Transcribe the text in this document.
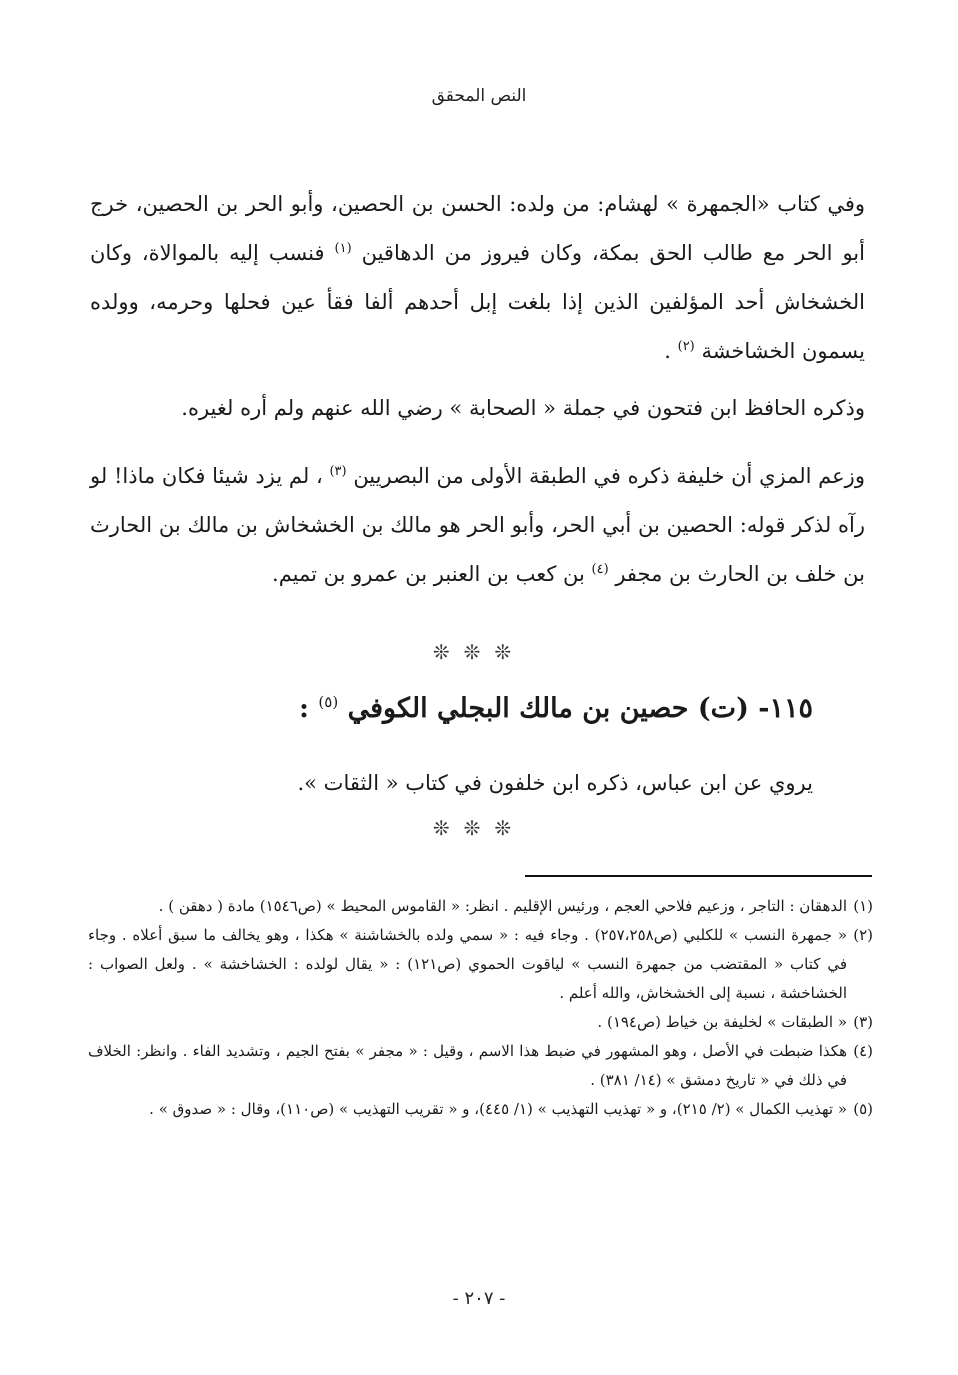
النص المحقق

وفي كتاب «الجمهرة » لهشام: من ولده: الحسن بن الحصين، وأبو الحر بن الحصين، خرج أبو الحر مع طالب الحق بمكة، وكان فيروز من الدهاقين $^{(١)}$ فنسب إليه بالموالاة، وكان الخشخاش أحد المؤلفين الذين إذا بلغت إبل أحدهم ألفا فقأ عين فحلها وحرمه، وولده يسمون الخشاخشة $^{(٢)}$ .

وذكره الحافظ ابن فتحون في جملة « الصحابة » رضي الله عنهم ولم أره لغيره.

وزعم المزي أن خليفة ذكره في الطبقة الأولى من البصريين $^{(٣)}$ ، لم يزد شيئا فكان ماذا! لو رآه لذكر قوله: الحصين بن أبي الحر، وأبو الحر هو مالك بن الخشخاش بن مالك بن الحارث بن خلف بن الحارث بن مجفر $^{(٤)}$ بن كعب بن العنبر بن عمرو بن تميم.

❊❊❊
١١٥- (ت) حصين بن مالك البجلي الكوفي $^{(٥)}$ :
يروي عن ابن عباس، ذكره ابن خلفون في كتاب « الثقات ».
❊❊❊

(١)الدهقان : التاجر ، وزعيم فلاحي العجم ، ورئيس الإقليم . انظر: « القاموس المحيط » (ص١٥٤٦) مادة ( دهقن ) .

(٢)« جمهرة النسب » للكلبي (ص٢٥٧،٢٥٨) . وجاء فيه : « سمي ولده بالخشاشنة » هكذا ، وهو يخالف ما سبق أعلاه . وجاء في كتاب « المقتضب من جمهرة النسب » لياقوت الحموي (ص١٢١) : « يقال لولده : الخشاخشة » . ولعل الصواب : الخشاخشة ، نسبة إلى الخشخاش، والله أعلم .

(٣)« الطبقات » لخليفة بن خياط (ص١٩٤) .

(٤)هكذا ضبطت في الأصل ، وهو المشهور في ضبط هذا الاسم ، وقيل : « مجفر » بفتح الجيم ، وتشديد الفاء . وانظر: الخلاف في ذلك في « تاريخ دمشق » (١٤/ ٣٨١) .

(٥)« تهذيب الكمال » (٢/ ٢١٥)، و « تهذيب التهذيب » (١/ ٤٤٥)، و « تقريب التهذيب » (ص١١٠)، وقال : « صدوق » .

- ٢٠٧ -
